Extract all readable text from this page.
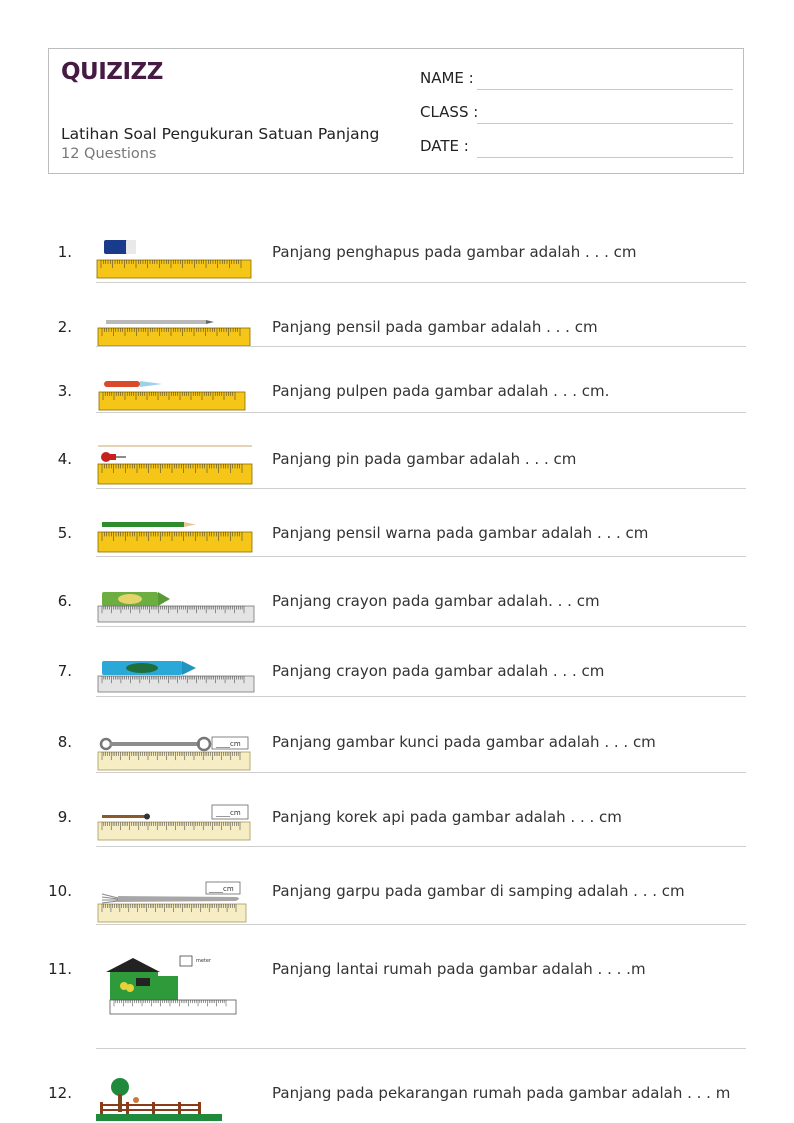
QUIZIZZ
Latihan Soal Pengukuran Satuan Panjang
12 Questions
NAME :
CLASS :
DATE :
1.	Panjang penghapus pada gambar adalah . . . cm
2.	Panjang pensil pada gambar adalah . . . cm
3.	Panjang pulpen pada gambar adalah . . . cm.
4.	Panjang pin pada gambar adalah . . . cm
5.	Panjang pensil warna pada gambar adalah . . . cm
6.	Panjang crayon pada gambar adalah. . . cm
7.	Panjang crayon pada gambar adalah . . . cm
8.	____cm Panjang gambar kunci pada gambar adalah . . . cm
9.	____cm Panjang korek api pada gambar adalah . . . cm
10.	____cm	Panjang garpu pada gambar di samping adalah . . . cm
11.	meter	Panjang lantai rumah pada gambar adalah . . . .m
12.	Panjang pada pekarangan rumah pada gambar adalah . . . m
